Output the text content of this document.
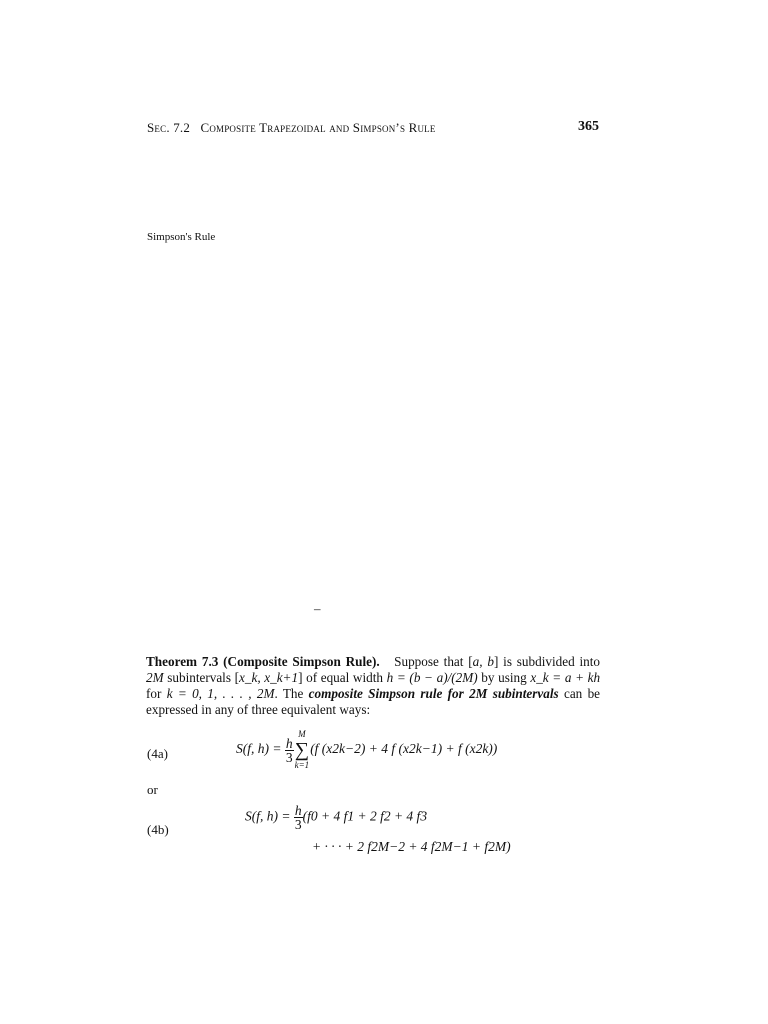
Sec. 7.2 Composite Trapezoidal and Simpson’s Rule	365
Simpson's Rule
–
Theorem 7.3 (Composite Simpson Rule). Suppose that [a, b] is subdivided into 2M subintervals [x_k, x_k+1] of equal width h = (b − a)/(2M) by using x_k = a + kh for k = 0, 1, . . . , 2M. The composite Simpson rule for 2M subintervals can be expressed in any of three equivalent ways:
(4a)	S(f, $h) = \frac{h}{3}$
M
∑
k=1
(f (x2k−2) + 4 f (x2k−1) + f (x2k))
or
(4b)
S(f, $h) = \frac{h}{3} (f0 + 4$ f1 + 2 f2 + 4 f3
+ · · · + 2 f2M−2 + 4 f2M−1 + f2M)
